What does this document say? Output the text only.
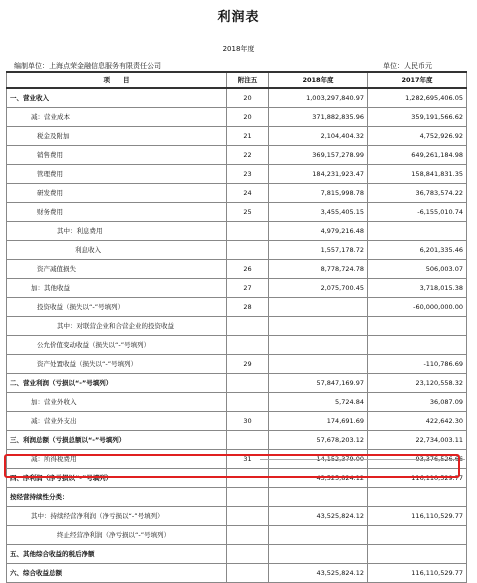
利润表
2018年度
编制单位：上海点荣金融信息服务有限责任公司	单位：人民币元
项　　目	附注五	2018年度	2017年度
一、营业收入	20	1,003,297,840.97	1,282,695,406.05
减：营业成本	20	371,882,835.96	359,191,566.62
税金及附加	21	2,104,404.32	4,752,926.92
销售费用	22	369,157,278.99	649,261,184.98
管理费用	23	184,231,923.47	158,841,831.35
研发费用	24	7,815,998.78	36,783,574.22
财务费用	25	3,455,405.15	-6,155,010.74
其中：利息费用		4,979,216.48	
利息收入		1,557,178.72	6,201,335.46
资产减值损失	26	8,778,724.78	506,003.07
加：其他收益	27	2,075,700.45	3,718,015.38
投资收益（损失以“-”号填列）	28		-60,000,000.00
其中：对联营企业和合营企业的投资收益			
公允价值变动收益（损失以“-”号填列）			
资产处置收益（损失以“-”号填列）	29		-110,786.69
二、营业利润（亏损以“-”号填列）		57,847,169.97	23,120,558.32
加：营业外收入		5,724.84	36,087.09
减：营业外支出	30	174,691.69	422,642.30
三、利润总额（亏损总额以“-”号填列）		57,678,203.12	22,734,003.11
减：所得税费用	31	14,152,379.00	-93,376,526.66
四、净利润（净亏损以“-”号填列）		43,525,824.12	116,110,529.77
按经营持续性分类：			
其中：持续经营净利润（净亏损以“-”号填列）		43,525,824.12	116,110,529.77
终止经营净利润（净亏损以“-”号填列）			
五、其他综合收益的税后净额			
六、综合收益总额		43,525,824.12	116,110,529.77
